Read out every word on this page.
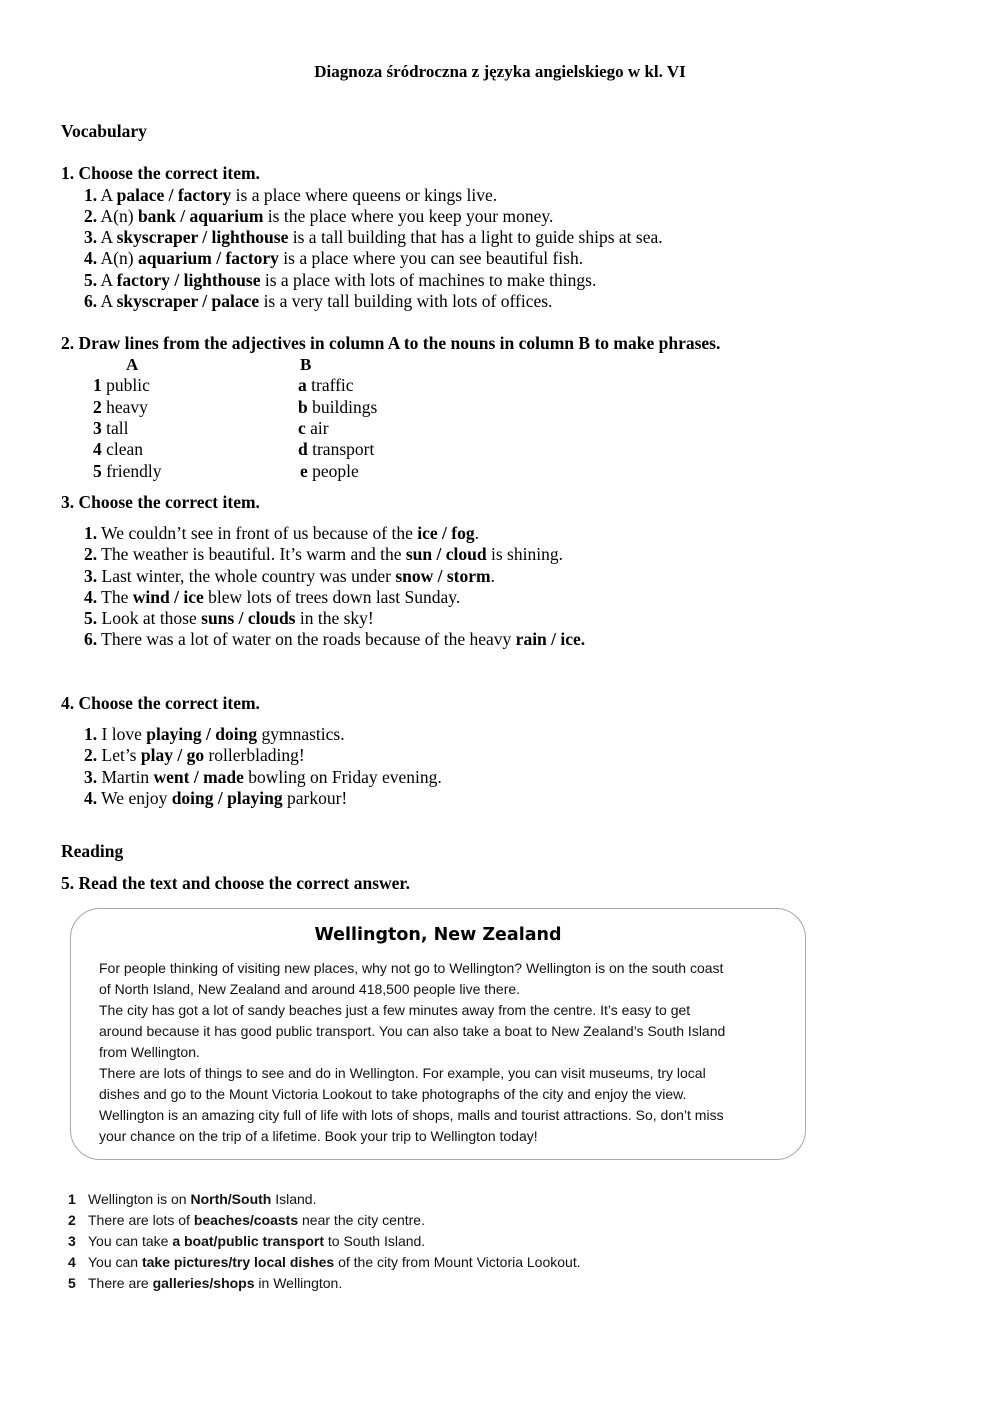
Diagnoza śródroczna z języka angielskiego w kl. VI
Vocabulary
1. Choose the correct item.
1. A palace / factory is a place where queens or kings live.
2. A(n) bank / aquarium is the place where you keep your money.
3. A skyscraper / lighthouse is a tall building that has a light to guide ships at sea.
4. A(n) aquarium / factory is a place where you can see beautiful fish.
5. A factory / lighthouse is a place with lots of machines to make things.
6. A skyscraper / palace is a very tall building with lots of offices.
2. Draw lines from the adjectives in column A to the nouns in column B to make phrases.
A	B
1 public
2 heavy
3 tall
4 clean
5 friendly
a traffic
b buildings
c air
d transport
e people
3. Choose the correct item.
1. We couldn’t see in front of us because of the ice / fog.
2. The weather is beautiful. It’s warm and the sun / cloud is shining.
3. Last winter, the whole country was under snow / storm.
4. The wind / ice blew lots of trees down last Sunday.
5. Look at those suns / clouds in the sky!
6. There was a lot of water on the roads because of the heavy rain / ice.
4. Choose the correct item.
1. I love playing / doing gymnastics.
2. Let’s play / go rollerblading!
3. Martin went / made bowling on Friday evening.
4. We enjoy doing / playing parkour!
Reading
5. Read the text and choose the correct answer.
Wellington, New Zealand
For people thinking of visiting new places, why not go to Wellington? Wellington is on the south coast
of North Island, New Zealand and around 418,500 people live there.
The city has got a lot of sandy beaches just a few minutes away from the centre. It’s easy to get
around because it has good public transport. You can also take a boat to New Zealand’s South Island
from Wellington.
There are lots of things to see and do in Wellington. For example, you can visit museums, try local
dishes and go to the Mount Victoria Lookout to take photographs of the city and enjoy the view.
Wellington is an amazing city full of life with lots of shops, malls and tourist attractions. So, don’t miss
your chance on the trip of a lifetime. Book your trip to Wellington today!
1 Wellington is on North/South Island.
2 There are lots of beaches/coasts near the city centre.
3 You can take a boat/public transport to South Island.
4 You can take pictures/try local dishes of the city from Mount Victoria Lookout.
5 There are galleries/shops in Wellington.
